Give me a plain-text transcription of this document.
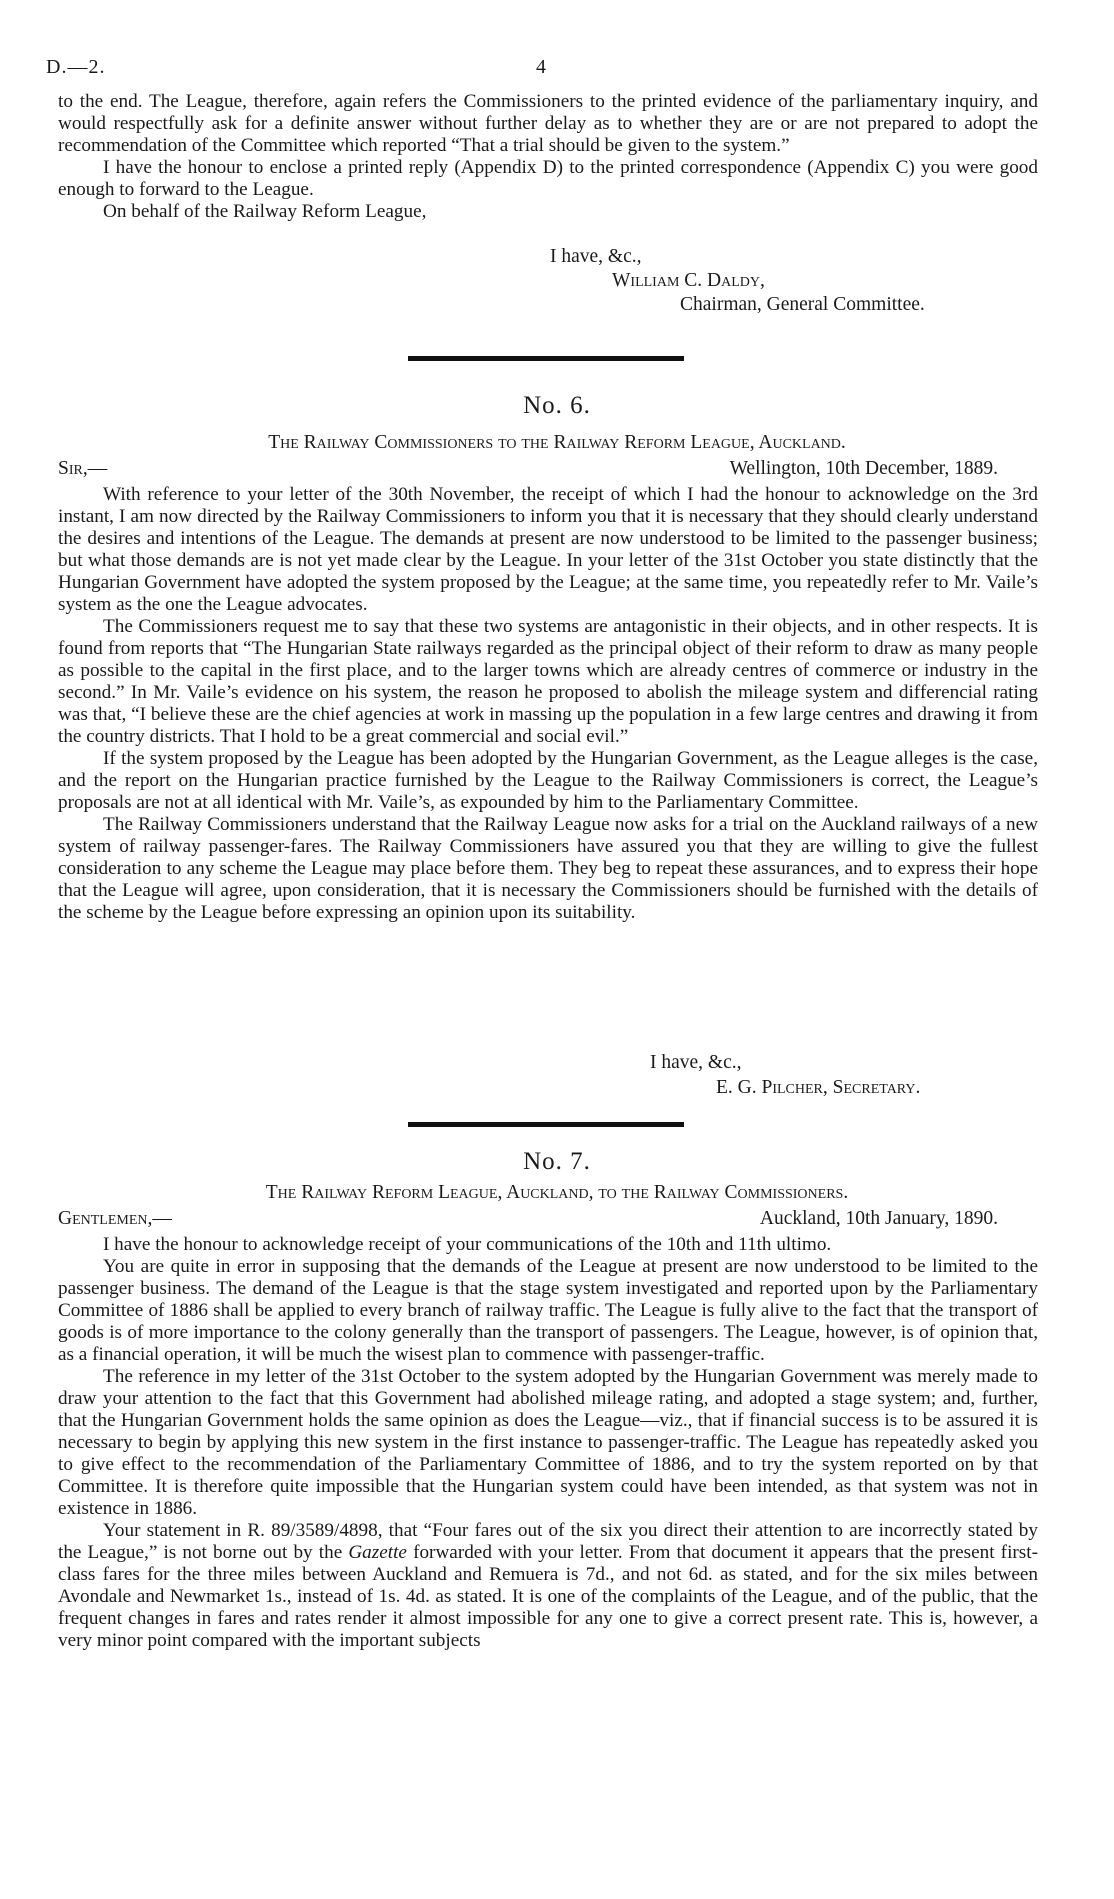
D.—2.	4

to the end. The League, therefore, again refers the Commissioners to the printed evidence of the parliamentary inquiry, and would respectfully ask for a definite answer without further delay as to whether they are or are not prepared to adopt the recommendation of the Committee which reported “That a trial should be given to the system.”

I have the honour to enclose a printed reply (Appendix D) to the printed correspondence (Appendix C) you were good enough to forward to the League.

On behalf of the Railway Reform League,

I have, &c.,
William C. Daldy,
Chairman, General Committee.
No. 6.
The Railway Commissioners to the Railway Reform League, Auckland.
Sir,—	Wellington, 10th December, 1889.

With reference to your letter of the 30th November, the receipt of which I had the honour to acknowledge on the 3rd instant, I am now directed by the Railway Commissioners to inform you that it is necessary that they should clearly understand the desires and intentions of the League. The demands at present are now understood to be limited to the passenger business; but what those demands are is not yet made clear by the League. In your letter of the 31st October you state distinctly that the Hungarian Government have adopted the system proposed by the League; at the same time, you repeatedly refer to Mr. Vaile’s system as the one the League advocates.

The Commissioners request me to say that these two systems are antagonistic in their objects, and in other respects. It is found from reports that “The Hungarian State railways regarded as the principal object of their reform to draw as many people as possible to the capital in the first place, and to the larger towns which are already centres of commerce or industry in the second.” In Mr. Vaile’s evidence on his system, the reason he proposed to abolish the mileage system and differencial rating was that, “I believe these are the chief agencies at work in massing up the population in a few large centres and drawing it from the country districts. That I hold to be a great commercial and social evil.”

If the system proposed by the League has been adopted by the Hungarian Government, as the League alleges is the case, and the report on the Hungarian practice furnished by the League to the Railway Commissioners is correct, the League’s proposals are not at all identical with Mr. Vaile’s, as expounded by him to the Parliamentary Committee.

The Railway Commissioners understand that the Railway League now asks for a trial on the Auckland railways of a new system of railway passenger-fares. The Railway Commissioners have assured you that they are willing to give the fullest consideration to any scheme the League may place before them. They beg to repeat these assurances, and to express their hope that the League will agree, upon consideration, that it is necessary the Commissioners should be furnished with the details of the scheme by the League before expressing an opinion upon its suitability.

I have, &c.,
E. G. Pilcher, Secretary.
No. 7.
The Railway Reform League, Auckland, to the Railway Commissioners.
Gentlemen,—	Auckland, 10th January, 1890.

I have the honour to acknowledge receipt of your communications of the 10th and 11th ultimo.

You are quite in error in supposing that the demands of the League at present are now understood to be limited to the passenger business. The demand of the League is that the stage system investigated and reported upon by the Parliamentary Committee of 1886 shall be applied to every branch of railway traffic. The League is fully alive to the fact that the transport of goods is of more importance to the colony generally than the transport of passengers. The League, however, is of opinion that, as a financial operation, it will be much the wisest plan to commence with passenger-traffic.

The reference in my letter of the 31st October to the system adopted by the Hungarian Government was merely made to draw your attention to the fact that this Government had abolished mileage rating, and adopted a stage system; and, further, that the Hungarian Government holds the same opinion as does the League—viz., that if financial success is to be assured it is necessary to begin by applying this new system in the first instance to passenger-traffic. The League has repeatedly asked you to give effect to the recommendation of the Parliamentary Committee of 1886, and to try the system reported on by that Committee. It is therefore quite impossible that the Hungarian system could have been intended, as that system was not in existence in 1886.

Your statement in R. 89/3589/4898, that “Four fares out of the six you direct their attention to are incorrectly stated by the League,” is not borne out by the Gazette forwarded with your letter. From that document it appears that the present first-class fares for the three miles between Auckland and Remuera is 7d., and not 6d. as stated, and for the six miles between Avondale and Newmarket 1s., instead of 1s. 4d. as stated. It is one of the complaints of the League, and of the public, that the frequent changes in fares and rates render it almost impossible for any one to give a correct present rate. This is, however, a very minor point compared with the important subjects
